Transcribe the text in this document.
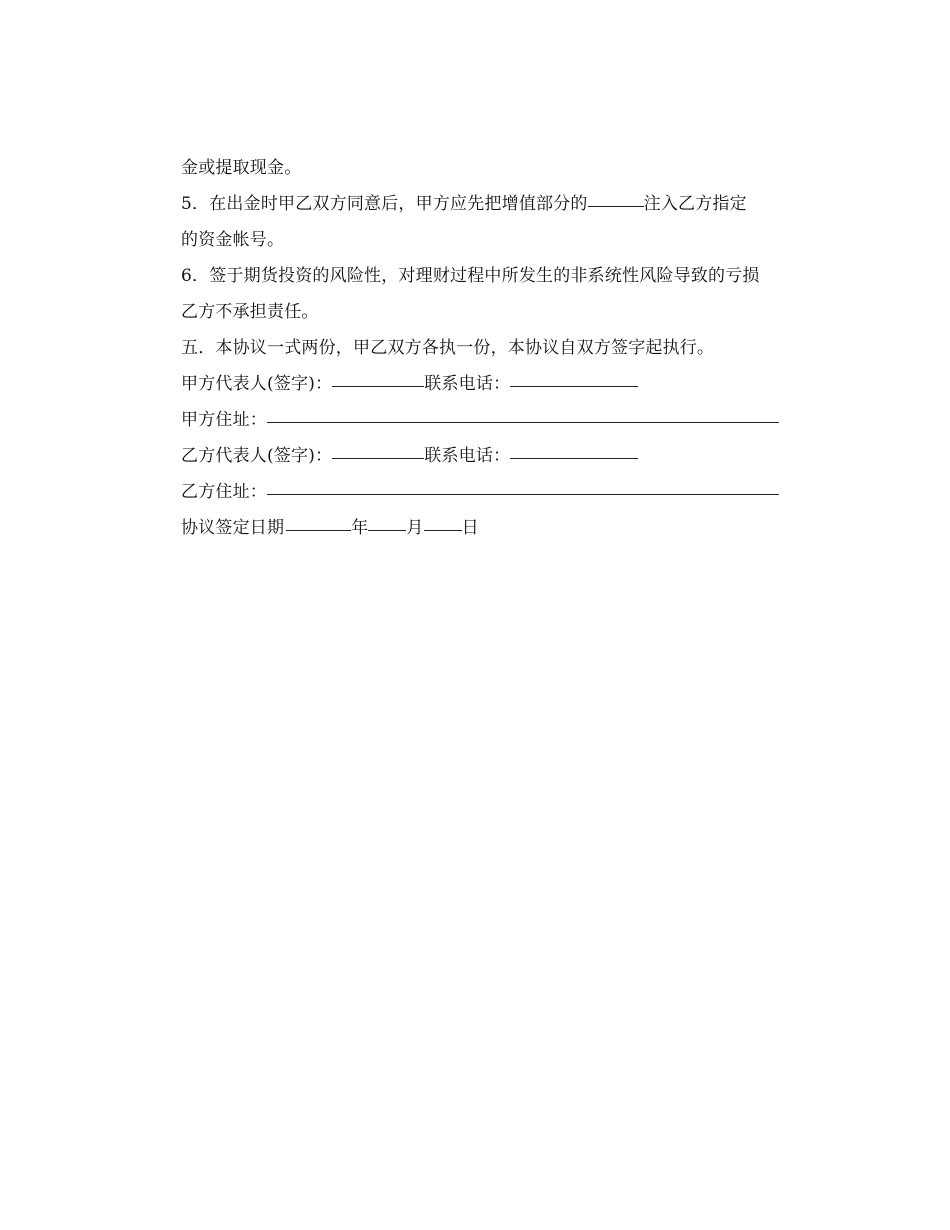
金或提取现金。
5．在出金时甲乙双方同意后，甲方应先把增值部分的	注入乙方指定
的资金帐号。
6．签于期货投资的风险性，对理财过程中所发生的非系统性风险导致的亏损
乙方不承担责任。
五．本协议一式两份，甲乙双方各执一份，本协议自双方签字起执行。
甲方代表人(签字)：	联系电话：
甲方住址：
乙方代表人(签字)：	联系电话：
乙方住址：
协议签定日期	年 月 日
